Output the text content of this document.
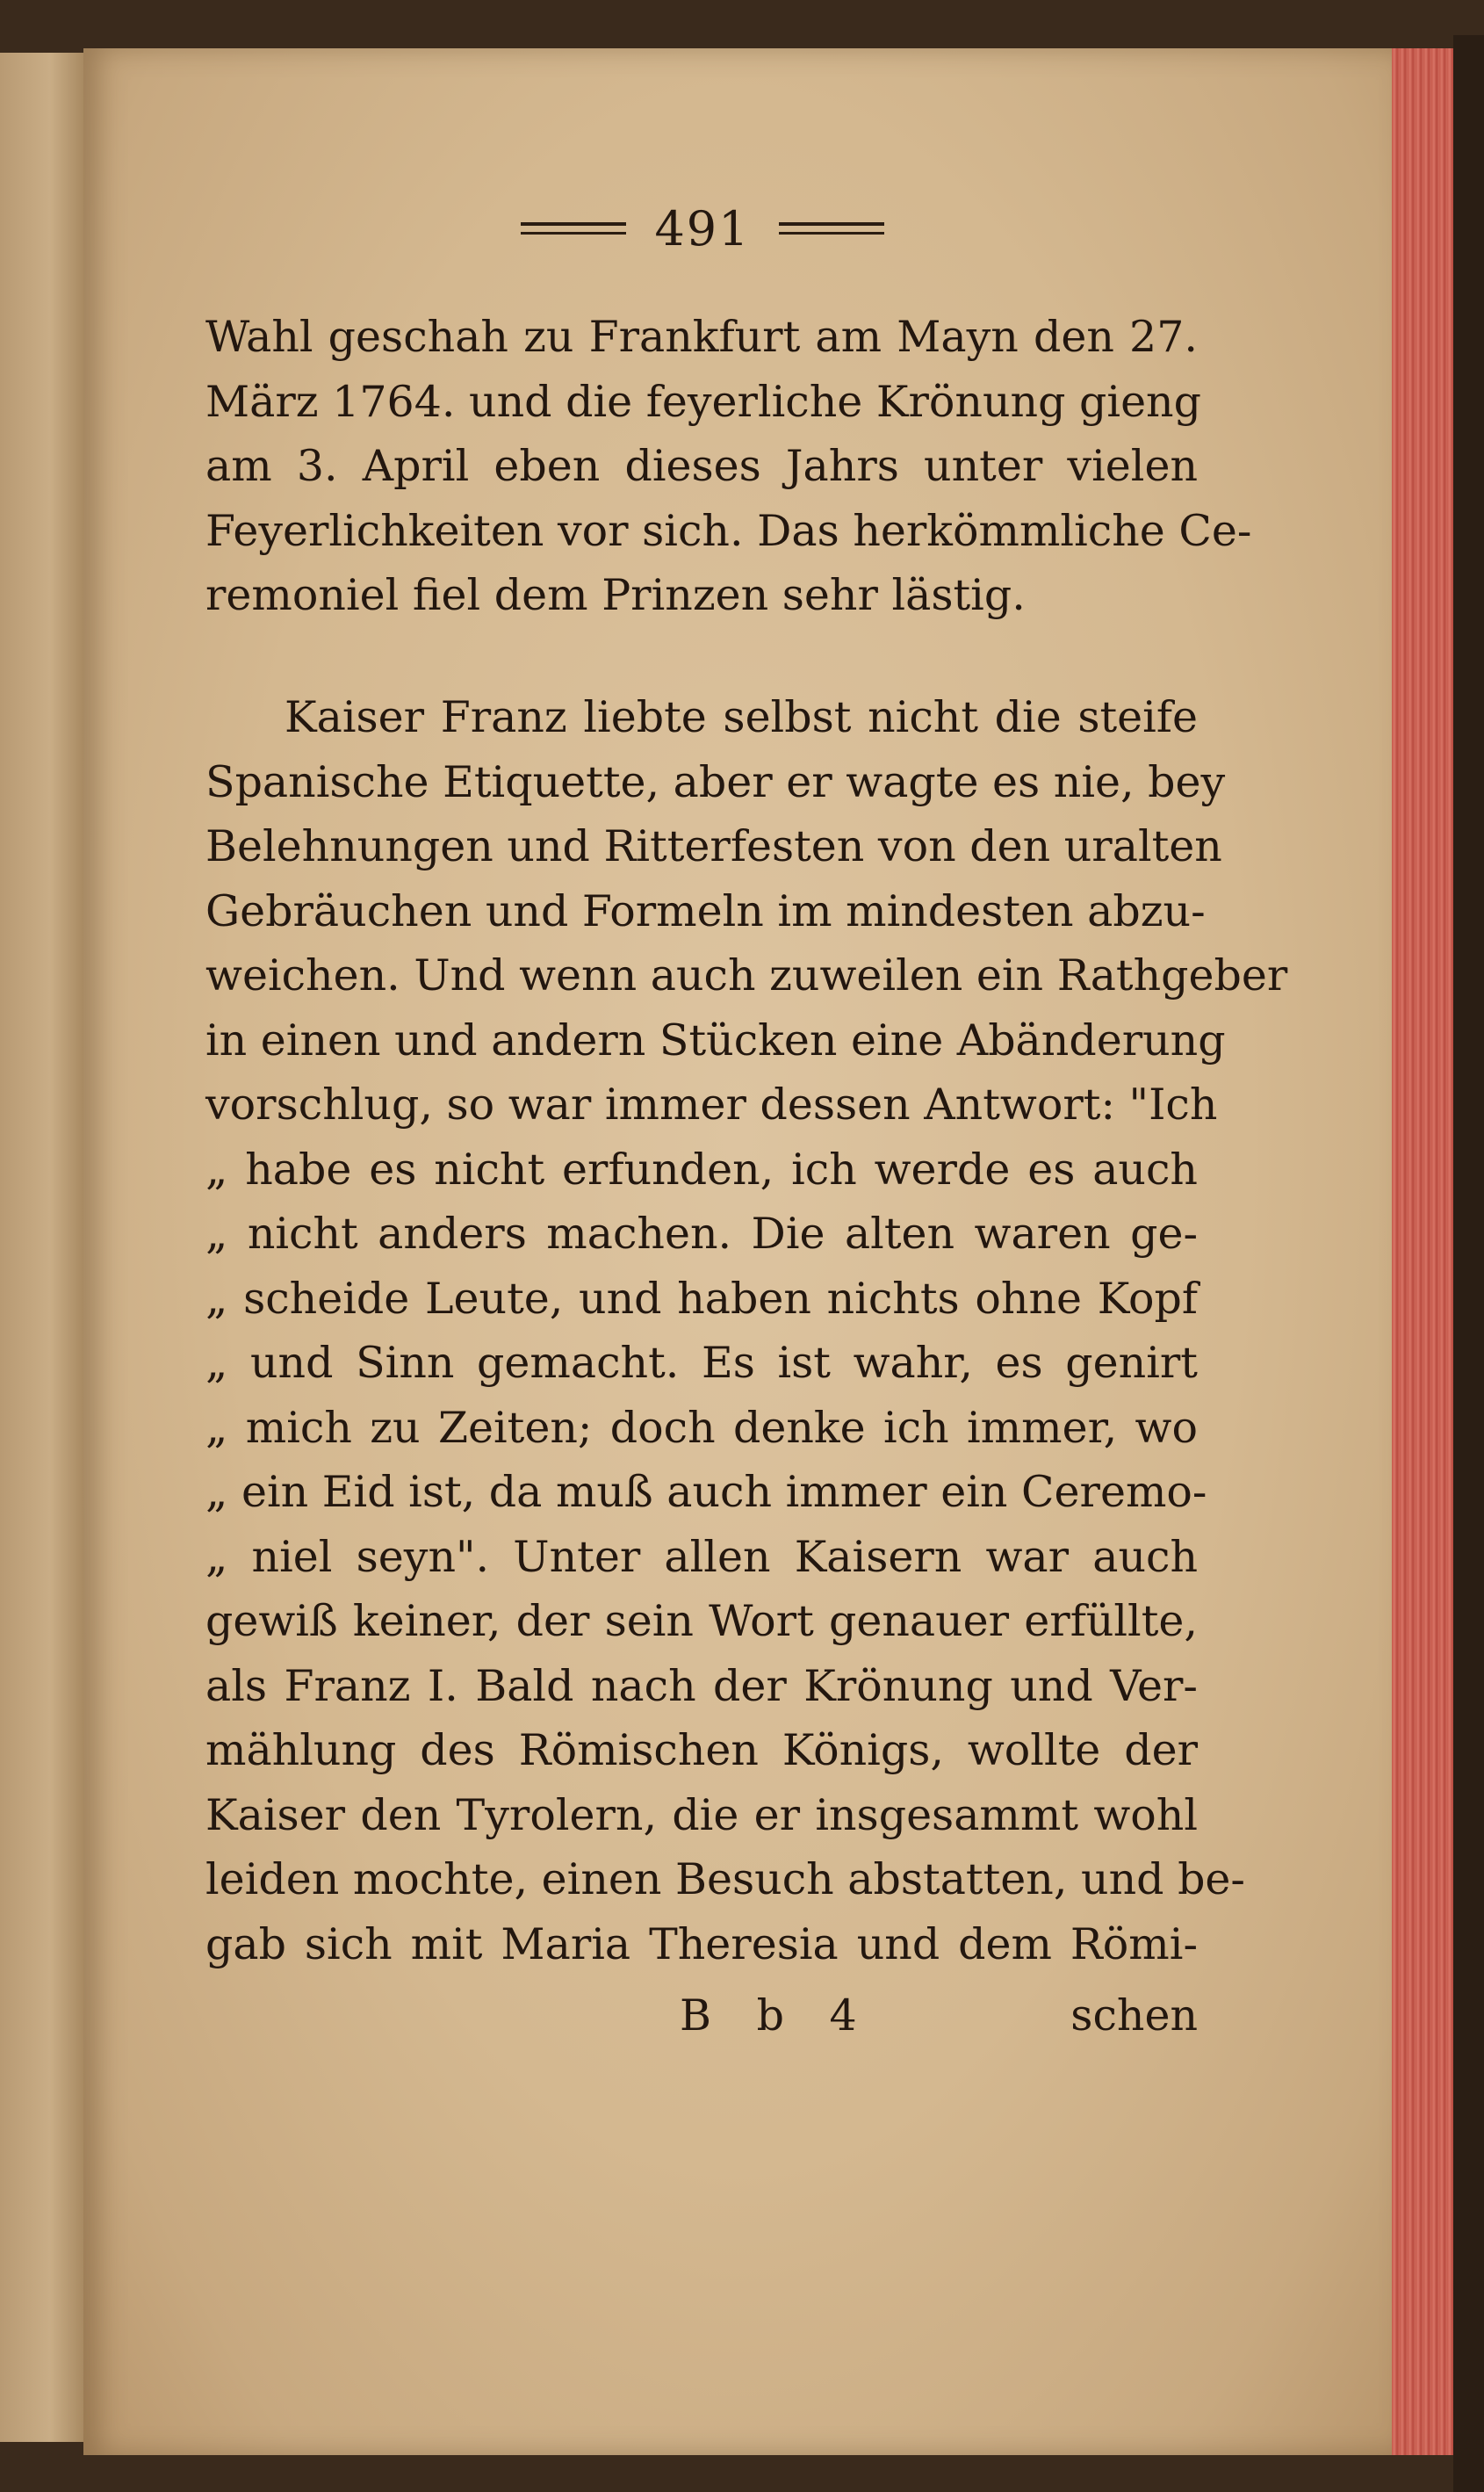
491
Wahl geschah zu Frankfurt am Mayn den 27.
März 1764. und die feyerliche Krönung gieng
am 3. April eben dieses Jahrs unter vielen
Feyerlichkeiten vor sich. Das herkömmliche Ce-
remoniel fiel dem Prinzen sehr lästig.
Kaiser Franz liebte selbst nicht die steife
Spanische Etiquette, aber er wagte es nie, bey
Belehnungen und Ritterfesten von den uralten
Gebräuchen und Formeln im mindesten abzu-
weichen. Und wenn auch zuweilen ein Rathgeber
in einen und andern Stücken eine Abänderung
vorschlug, so war immer dessen Antwort: "Ich
„ habe es nicht erfunden, ich werde es auch
„ nicht anders machen. Die alten waren ge-
„ scheide Leute, und haben nichts ohne Kopf
„ und Sinn gemacht. Es ist wahr, es genirt
„ mich zu Zeiten; doch denke ich immer, wo
„ ein Eid ist, da muß auch immer ein Ceremo-
„ niel seyn". Unter allen Kaisern war auch
gewiß keiner, der sein Wort genauer erfüllte,
als Franz I. Bald nach der Krönung und Ver-
mählung des Römischen Königs, wollte der
Kaiser den Tyrolern, die er insgesammt wohl
leiden mochte, einen Besuch abstatten, und be-
gab sich mit Maria Theresia und dem Römi-
B b 4	schen
